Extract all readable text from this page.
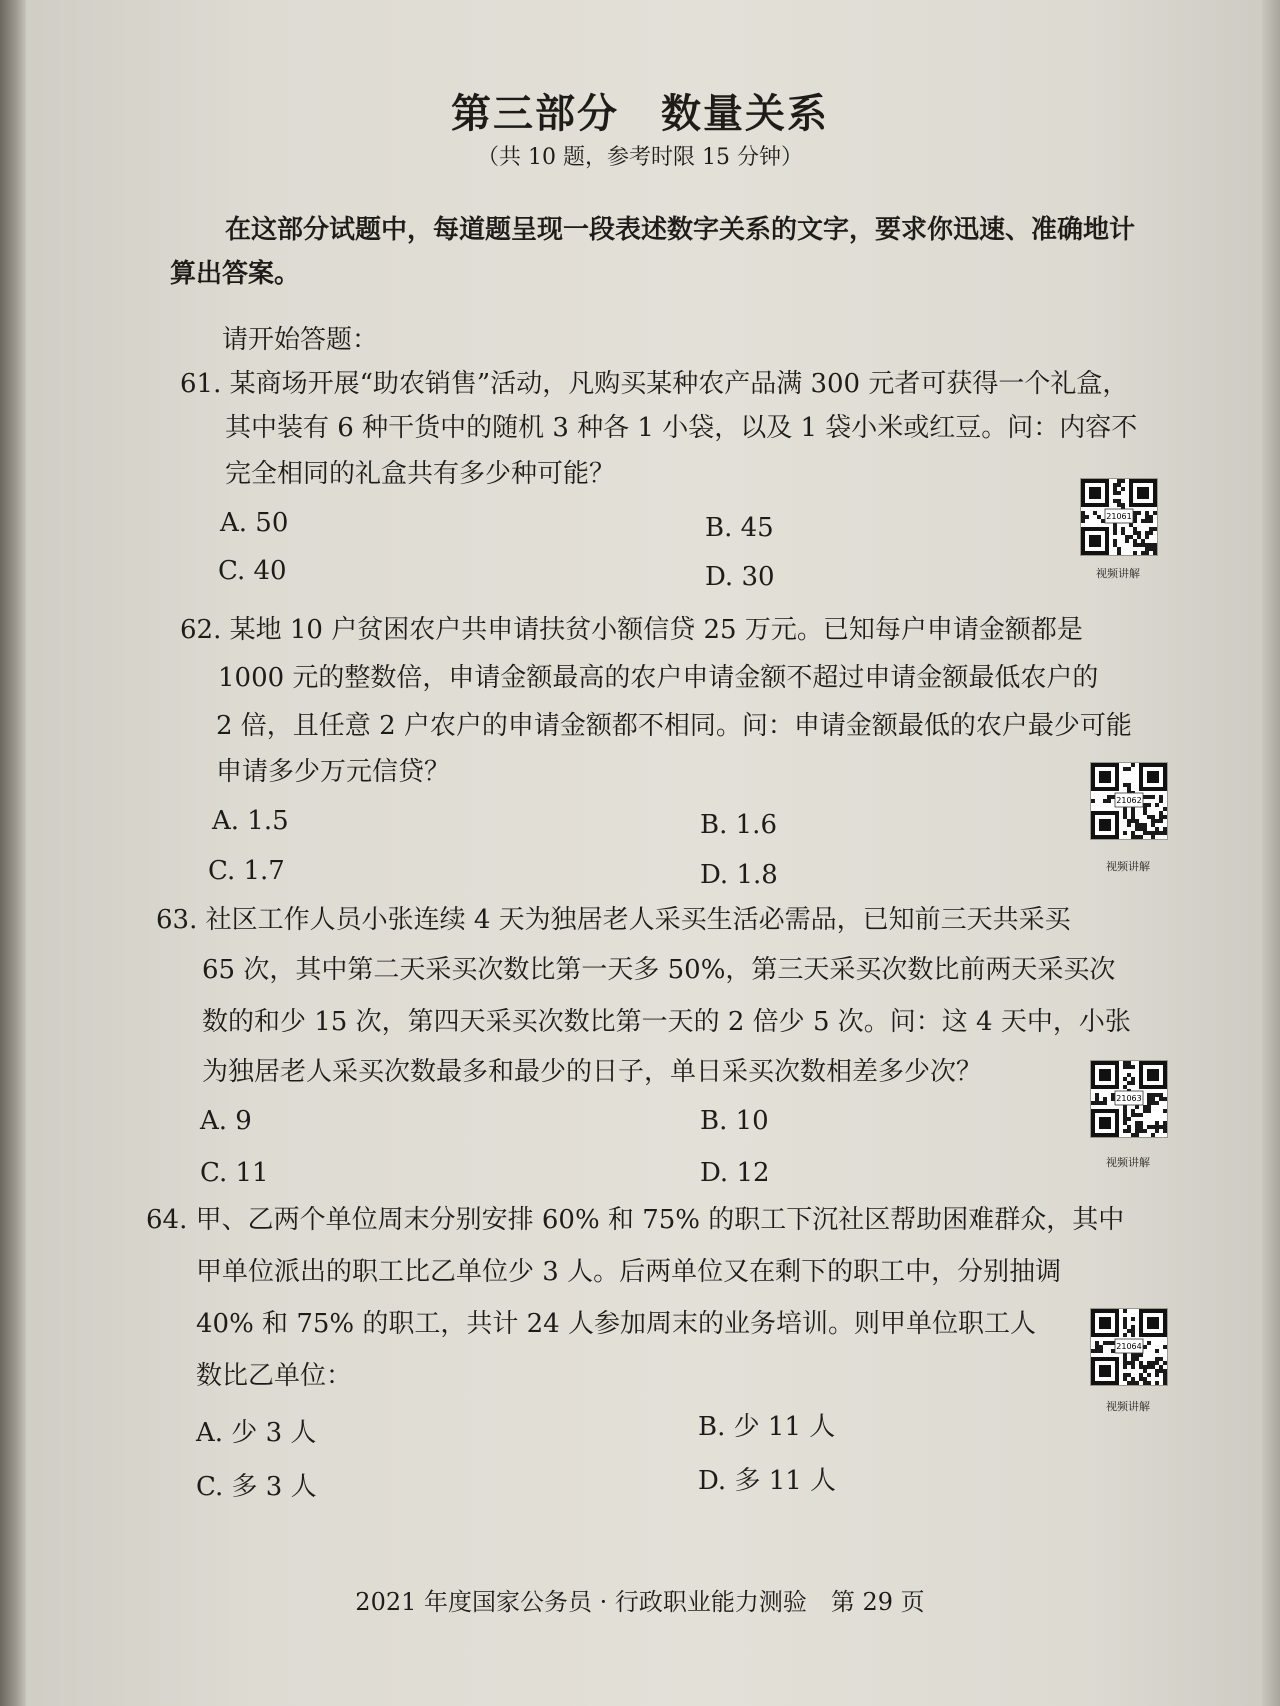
第三部分　数量关系
（共 10 题，参考时限 15 分钟）
在这部分试题中，每道题呈现一段表述数字关系的文字，要求你迅速、准确地计
算出答案。
请开始答题：
61. 某商场开展“助农销售”活动，凡购买某种农产品满 300 元者可获得一个礼盒，
其中装有 6 种干货中的随机 3 种各 1 小袋，以及 1 袋小米或红豆。问：内容不
完全相同的礼盒共有多少种可能？
A. 50	B. 45
C. 40	D. 30
21061
视频讲解
62. 某地 10 户贫困农户共申请扶贫小额信贷 25 万元。已知每户申请金额都是
1000 元的整数倍，申请金额最高的农户申请金额不超过申请金额最低农户的
2 倍，且任意 2 户农户的申请金额都不相同。问：申请金额最低的农户最少可能
申请多少万元信贷？
A. 1.5	B. 1.6
C. 1.7	D. 1.8
21062
视频讲解
63. 社区工作人员小张连续 4 天为独居老人采买生活必需品，已知前三天共采买
65 次，其中第二天采买次数比第一天多 50%，第三天采买次数比前两天采买次
数的和少 15 次，第四天采买次数比第一天的 2 倍少 5 次。问：这 4 天中，小张
为独居老人采买次数最多和最少的日子，单日采买次数相差多少次？
A. 9	B. 10
C. 11	D. 12
21063
视频讲解
64. 甲、乙两个单位周末分别安排 60% 和 75% 的职工下沉社区帮助困难群众，其中
甲单位派出的职工比乙单位少 3 人。后两单位又在剩下的职工中，分别抽调
40% 和 75% 的职工，共计 24 人参加周末的业务培训。则甲单位职工人
数比乙单位：
A. 少 3 人	B. 少 11 人
C. 多 3 人	D. 多 11 人
21064
视频讲解
2021 年度国家公务员 · 行政职业能力测验　第 29 页
